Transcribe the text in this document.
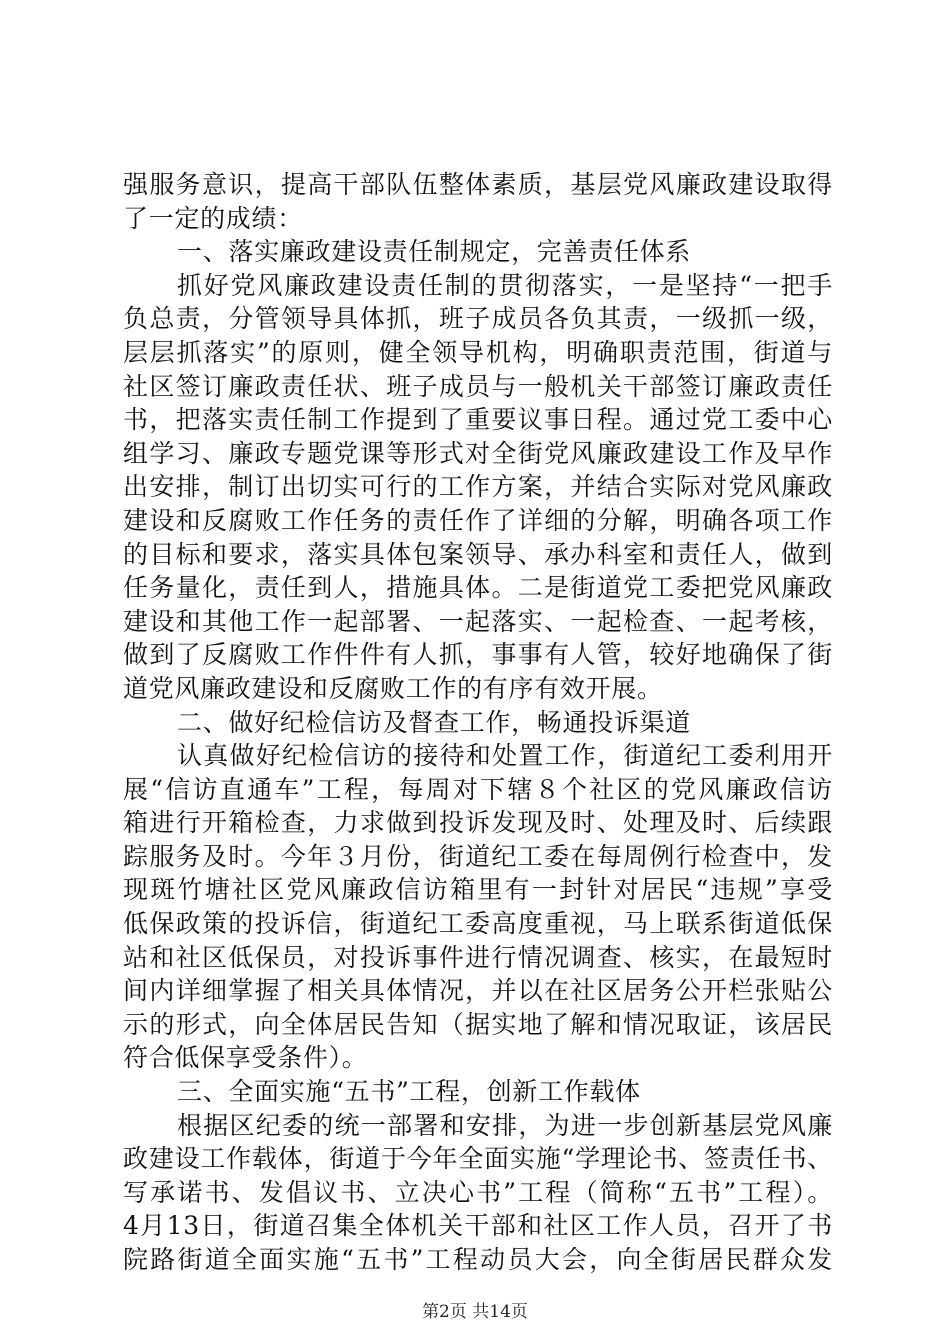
强服务意识，提高干部队伍整体素质，基层党风廉政建设取得
了一定的成绩：
一、落实廉政建设责任制规定，完善责任体系
抓好党风廉政建设责任制的贯彻落实，一是坚持“一把手
负总责，分管领导具体抓，班子成员各负其责，一级抓一级，
层层抓落实”的原则，健全领导机构，明确职责范围，街道与
社区签订廉政责任状、班子成员与一般机关干部签订廉政责任
书，把落实责任制工作提到了重要议事日程。通过党工委中心
组学习、廉政专题党课等形式对全街党风廉政建设工作及早作
出安排，制订出切实可行的工作方案，并结合实际对党风廉政
建设和反腐败工作任务的责任作了详细的分解，明确各项工作
的目标和要求，落实具体包案领导、承办科室和责任人，做到
任务量化，责任到人，措施具体。二是街道党工委把党风廉政
建设和其他工作一起部署、一起落实、一起检查、一起考核，
做到了反腐败工作件件有人抓，事事有人管，较好地确保了街
道党风廉政建设和反腐败工作的有序有效开展。
二、做好纪检信访及督查工作，畅通投诉渠道
认真做好纪检信访的接待和处置工作，街道纪工委利用开
展“信访直通车”工程，每周对下辖８个社区的党风廉政信访
箱进行开箱检查，力求做到投诉发现及时、处理及时、后续跟
踪服务及时。今年３月份，街道纪工委在每周例行检查中，发
现斑竹塘社区党风廉政信访箱里有一封针对居民“违规”享受
低保政策的投诉信，街道纪工委高度重视，马上联系街道低保
站和社区低保员，对投诉事件进行情况调查、核实，在最短时
间内详细掌握了相关具体情况，并以在社区居务公开栏张贴公
示的形式，向全体居民告知（据实地了解和情况取证，该居民
符合低保享受条件）。
三、全面实施“五书”工程，创新工作载体
根据区纪委的统一部署和安排，为进一步创新基层党风廉
政建设工作载体，街道于今年全面实施“学理论书、签责任书、
写承诺书、发倡议书、立决心书”工程（简称“五书”工程）。
4月13日，街道召集全体机关干部和社区工作人员，召开了书
院路街道全面实施“五书”工程动员大会，向全街居民群众发
第2页 共14页
